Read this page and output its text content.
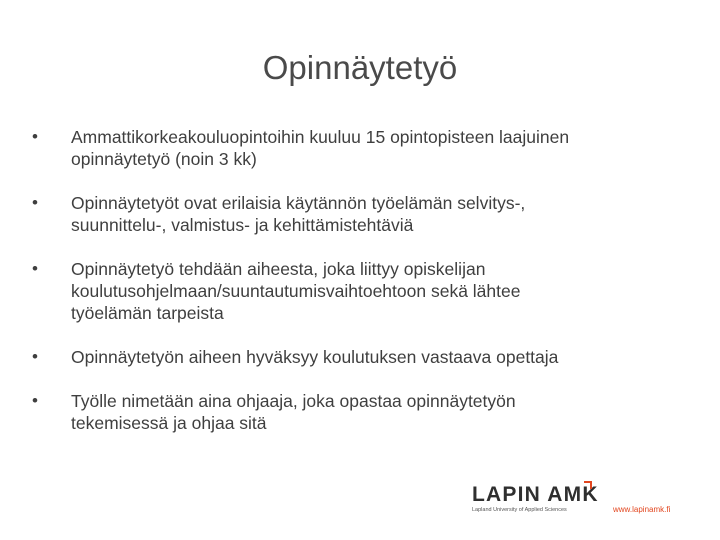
Opinnäytetyö
•	Ammattikorkeakouluopintoihin kuuluu 15 opintopisteen laajuinen
opinnäytetyö (noin 3 kk)
•	Opinnäytetyöt ovat erilaisia käytännön työelämän selvitys-,
suunnittelu-, valmistus- ja kehittämistehtäviä
•	Opinnäytetyö tehdään aiheesta, joka liittyy opiskelijan
koulutusohjelmaan/suuntautumisvaihtoehtoon sekä lähtee
työelämän tarpeista
•	Opinnäytetyön aiheen hyväksyy koulutuksen vastaava opettaja
•	Työlle nimetään aina ohjaaja, joka opastaa opinnäytetyön
tekemisessä ja ohjaa sitä
LAPIN AMK
Lapland University of Applied Sciences	www.lapinamk.fi
